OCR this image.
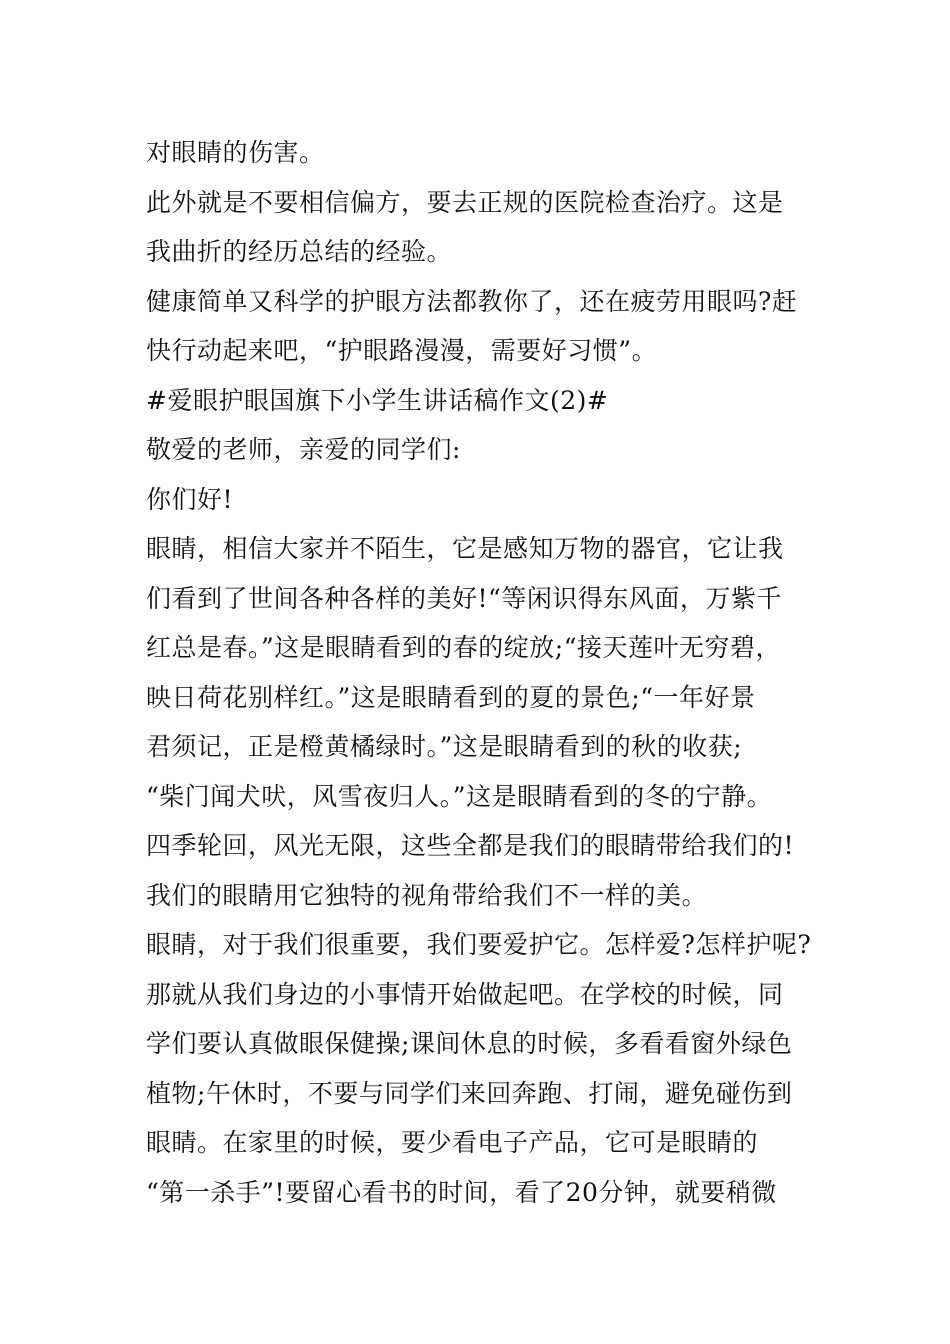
对眼睛的伤害。
此外就是不要相信偏方，要去正规的医院检查治疗。这是
我曲折的经历总结的经验。
健康简单又科学的护眼方法都教你了，还在疲劳用眼吗?赶
快行动起来吧，“护眼路漫漫，需要好习惯”。
#爱眼护眼国旗下小学生讲话稿作文(2)#
敬爱的老师，亲爱的同学们:
你们好!
眼睛，相信大家并不陌生，它是感知万物的器官，它让我
们看到了世间各种各样的美好!“等闲识得东风面，万紫千
红总是春。”这是眼睛看到的春的绽放;“接天莲叶无穷碧，
映日荷花别样红。”这是眼睛看到的夏的景色;“一年好景
君须记，正是橙黄橘绿时。”这是眼睛看到的秋的收获;
“柴门闻犬吠，风雪夜归人。”这是眼睛看到的冬的宁静。
四季轮回，风光无限，这些全都是我们的眼睛带给我们的!
我们的眼睛用它独特的视角带给我们不一样的美。
眼睛，对于我们很重要，我们要爱护它。怎样爱?怎样护呢?
那就从我们身边的小事情开始做起吧。在学校的时候，同
学们要认真做眼保健操;课间休息的时候，多看看窗外绿色
植物;午休时，不要与同学们来回奔跑、打闹，避免碰伤到
眼睛。在家里的时候，要少看电子产品，它可是眼睛的
“第一杀手”!要留心看书的时间，看了20分钟，就要稍微
